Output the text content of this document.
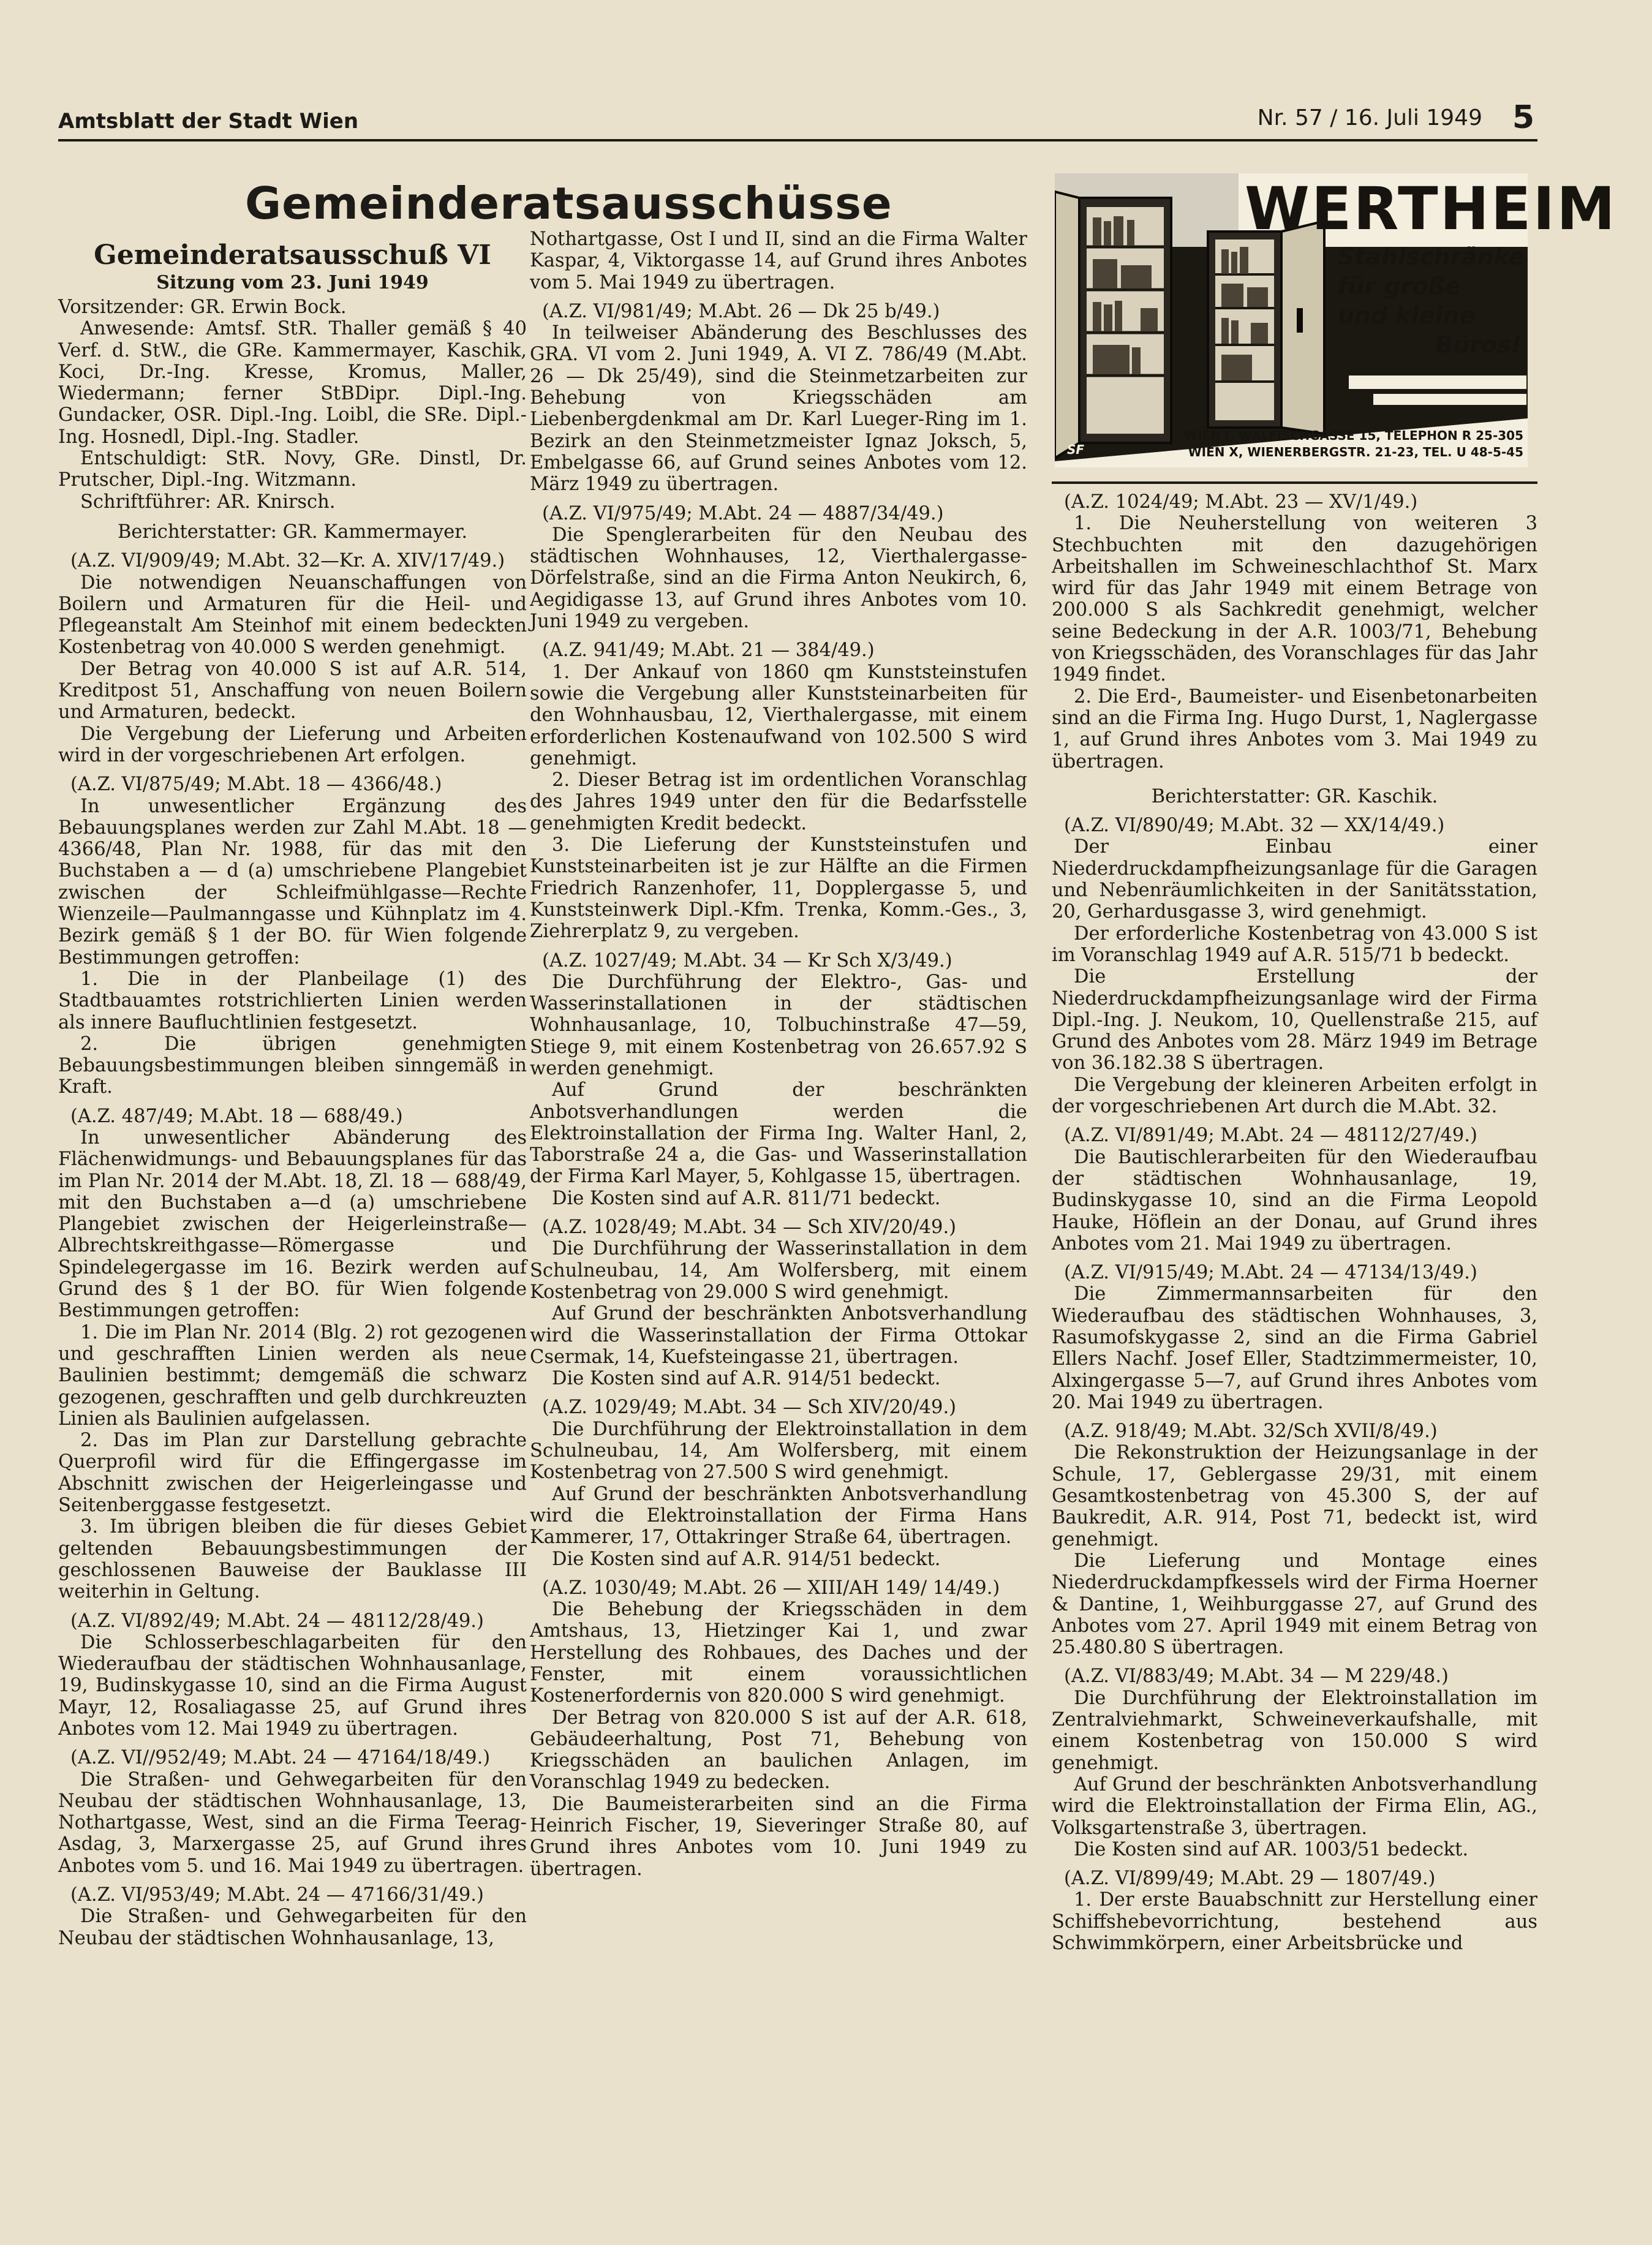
Amtsblatt der Stadt Wien	Nr. 57 / 16. Juli 1949 5
Gemeinderatsausschüsse
SF
WERTHEIM
Stahlschränke
für große
und kleine
Büros!
WIEN I, WALFISCHGASSE 15, TELEPHON R 25-305
WIEN X, WIENERBERGSTR. 21-23, TEL. U 48-5-45
Gemeinderatsausschuß VI
Sitzung vom 23. Juni 1949

Vorsitzender: GR. Erwin Bock.

Anwesende: Amtsf. StR. Thaller gemäß § 40 Verf. d. StW., die GRe. Kammermayer, Kaschik, Koci, Dr.-Ing. Kresse, Kromus, Maller, Wiedermann; ferner StBDipr. Dipl.-Ing. Gundacker, OSR. Dipl.-Ing. Loibl, die SRe. Dipl.-Ing. Hosnedl, Dipl.-Ing. Stadler.

Entschuldigt: StR. Novy, GRe. Dinstl, Dr. Prutscher, Dipl.-Ing. Witzmann.

Schriftführer: AR. Knirsch.

Berichterstatter: GR. Kammermayer.

(A.Z. VI/909/49; M.Abt. 32—Kr. A. XIV/17/49.)

Die notwendigen Neuanschaffungen von Boilern und Armaturen für die Heil- und Pflegeanstalt Am Steinhof mit einem bedeckten Kostenbetrag von 40.000 S werden genehmigt.

Der Betrag von 40.000 S ist auf A.R. 514, Kreditpost 51, Anschaffung von neuen Boilern und Armaturen, bedeckt.

Die Vergebung der Lieferung und Arbeiten wird in der vorgeschriebenen Art erfolgen.

(A.Z. VI/875/49; M.Abt. 18 — 4366/48.)

In unwesentlicher Ergänzung des Bebauungsplanes werden zur Zahl M.Abt. 18 — 4366/48, Plan Nr. 1988, für das mit den Buchstaben a — d (a) umschriebene Plangebiet zwischen der Schleifmühlgasse—Rechte Wienzeile—Paulmanngasse und Kühnplatz im 4. Bezirk gemäß § 1 der BO. für Wien folgende Bestimmungen getroffen:

1. Die in der Planbeilage (1) des Stadtbauamtes rotstrichlierten Linien werden als innere Baufluchtlinien festgesetzt.

2. Die übrigen genehmigten Bebauungsbestimmungen bleiben sinngemäß in Kraft.

(A.Z. 487/49; M.Abt. 18 — 688/49.)

In unwesentlicher Abänderung des Flächenwidmungs- und Bebauungsplanes für das im Plan Nr. 2014 der M.Abt. 18, Zl. 18 — 688/49, mit den Buchstaben a—d (a) umschriebene Plangebiet zwischen der Heigerleinstraße—Albrechtskreithgasse—Römergasse und Spindelegergasse im 16. Bezirk werden auf Grund des § 1 der BO. für Wien folgende Bestimmungen getroffen:

1. Die im Plan Nr. 2014 (Blg. 2) rot gezogenen und geschrafften Linien werden als neue Baulinien bestimmt; demgemäß die schwarz gezogenen, geschrafften und gelb durchkreuzten Linien als Baulinien aufgelassen.

2. Das im Plan zur Darstellung gebrachte Querprofil wird für die Effingergasse im Abschnitt zwischen der Heigerleingasse und Seitenberggasse festgesetzt.

3. Im übrigen bleiben die für dieses Gebiet geltenden Bebauungsbestimmungen der geschlossenen Bauweise der Bauklasse III weiterhin in Geltung.

(A.Z. VI/892/49; M.Abt. 24 — 48112/28/49.)

Die Schlosserbeschlagarbeiten für den Wiederaufbau der städtischen Wohnhausanlage, 19, Budinskygasse 10, sind an die Firma August Mayr, 12, Rosaliagasse 25, auf Grund ihres Anbotes vom 12. Mai 1949 zu übertragen.

(A.Z. VI//952/49; M.Abt. 24 — 47164/18/49.)

Die Straßen- und Gehwegarbeiten für den Neubau der städtischen Wohnhausanlage, 13, Nothartgasse, West, sind an die Firma Teerag-Asdag, 3, Marxergasse 25, auf Grund ihres Anbotes vom 5. und 16. Mai 1949 zu übertragen.

(A.Z. VI/953/49; M.Abt. 24 — 47166/31/49.)

Die Straßen- und Gehwegarbeiten für den Neubau der städtischen Wohnhausanlage, 13,

Nothartgasse, Ost I und II, sind an die Firma Walter Kaspar, 4, Viktorgasse 14, auf Grund ihres Anbotes vom 5. Mai 1949 zu übertragen.

(A.Z. VI/981/49; M.Abt. 26 — Dk 25 b/49.)

In teilweiser Abänderung des Beschlusses des GRA. VI vom 2. Juni 1949, A. VI Z. 786/49 (M.Abt. 26 — Dk 25/49), sind die Steinmetzarbeiten zur Behebung von Kriegsschäden am Liebenbergdenkmal am Dr. Karl Lueger-Ring im 1. Bezirk an den Steinmetzmeister Ignaz Joksch, 5, Embelgasse 66, auf Grund seines Anbotes vom 12. März 1949 zu übertragen.

(A.Z. VI/975/49; M.Abt. 24 — 4887/34/49.)

Die Spenglerarbeiten für den Neubau des städtischen Wohnhauses, 12, Vierthalergasse-Dörfelstraße, sind an die Firma Anton Neukirch, 6, Aegidigasse 13, auf Grund ihres Anbotes vom 10. Juni 1949 zu vergeben.

(A.Z. 941/49; M.Abt. 21 — 384/49.)

1. Der Ankauf von 1860 qm Kunststeinstufen sowie die Vergebung aller Kunststeinarbeiten für den Wohnhausbau, 12, Vierthalergasse, mit einem erforderlichen Kostenaufwand von 102.500 S wird genehmigt.

2. Dieser Betrag ist im ordentlichen Voranschlag des Jahres 1949 unter den für die Bedarfsstelle genehmigten Kredit bedeckt.

3. Die Lieferung der Kunststeinstufen und Kunststeinarbeiten ist je zur Hälfte an die Firmen Friedrich Ranzenhofer, 11, Dopplergasse 5, und Kunststeinwerk Dipl.-Kfm. Trenka, Komm.-Ges., 3, Ziehrerplatz 9, zu vergeben.

(A.Z. 1027/49; M.Abt. 34 — Kr Sch X/3/49.)

Die Durchführung der Elektro-, Gas- und Wasserinstallationen in der städtischen Wohnhausanlage, 10, Tolbuchinstraße 47—59, Stiege 9, mit einem Kostenbetrag von 26.657.92 S werden genehmigt.

Auf Grund der beschränkten Anbotsverhandlungen werden die Elektroinstallation der Firma Ing. Walter Hanl, 2, Taborstraße 24 a, die Gas- und Wasserinstallation der Firma Karl Mayer, 5, Kohlgasse 15, übertragen.

Die Kosten sind auf A.R. 811/71 bedeckt.

(A.Z. 1028/49; M.Abt. 34 — Sch XIV/20/49.)

Die Durchführung der Wasserinstallation in dem Schulneubau, 14, Am Wolfersberg, mit einem Kostenbetrag von 29.000 S wird genehmigt.

Auf Grund der beschränkten Anbotsverhandlung wird die Wasserinstallation der Firma Ottokar Csermak, 14, Kuefsteingasse 21, übertragen.

Die Kosten sind auf A.R. 914/51 bedeckt.

(A.Z. 1029/49; M.Abt. 34 — Sch XIV/20/49.)

Die Durchführung der Elektroinstallation in dem Schulneubau, 14, Am Wolfersberg, mit einem Kostenbetrag von 27.500 S wird genehmigt.

Auf Grund der beschränkten Anbotsverhandlung wird die Elektroinstallation der Firma Hans Kammerer, 17, Ottakringer Straße 64, übertragen.

Die Kosten sind auf A.R. 914/51 bedeckt.

(A.Z. 1030/49; M.Abt. 26 — XIII/AH 149/ 14/49.)

Die Behebung der Kriegsschäden in dem Amtshaus, 13, Hietzinger Kai 1, und zwar Herstellung des Rohbaues, des Daches und der Fenster, mit einem voraussichtlichen Kostenerfordernis von 820.000 S wird genehmigt.

Der Betrag von 820.000 S ist auf der A.R. 618, Gebäudeerhaltung, Post 71, Behebung von Kriegsschäden an baulichen Anlagen, im Voranschlag 1949 zu bedecken.

Die Baumeisterarbeiten sind an die Firma Heinrich Fischer, 19, Sieveringer Straße 80, auf Grund ihres Anbotes vom 10. Juni 1949 zu übertragen.

(A.Z. 1024/49; M.Abt. 23 — XV/1/49.)

1. Die Neuherstellung von weiteren 3 Stechbuchten mit den dazugehörigen Arbeitshallen im Schweineschlachthof St. Marx wird für das Jahr 1949 mit einem Betrage von 200.000 S als Sachkredit genehmigt, welcher seine Bedeckung in der A.R. 1003/71, Behebung von Kriegsschäden, des Voranschlages für das Jahr 1949 findet.

2. Die Erd-, Baumeister- und Eisenbetonarbeiten sind an die Firma Ing. Hugo Durst, 1, Naglergasse 1, auf Grund ihres Anbotes vom 3. Mai 1949 zu übertragen.

Berichterstatter: GR. Kaschik.

(A.Z. VI/890/49; M.Abt. 32 — XX/14/49.)

Der Einbau einer Niederdruckdampfheizungsanlage für die Garagen und Nebenräumlichkeiten in der Sanitätsstation, 20, Gerhardusgasse 3, wird genehmigt.

Der erforderliche Kostenbetrag von 43.000 S ist im Voranschlag 1949 auf A.R. 515/71 b bedeckt.

Die Erstellung der Niederdruckdampfheizungsanlage wird der Firma Dipl.-Ing. J. Neukom, 10, Quellenstraße 215, auf Grund des Anbotes vom 28. März 1949 im Betrage von 36.182.38 S übertragen.

Die Vergebung der kleineren Arbeiten erfolgt in der vorgeschriebenen Art durch die M.Abt. 32.

(A.Z. VI/891/49; M.Abt. 24 — 48112/27/49.)

Die Bautischlerarbeiten für den Wiederaufbau der städtischen Wohnhausanlage, 19, Budinskygasse 10, sind an die Firma Leopold Hauke, Höflein an der Donau, auf Grund ihres Anbotes vom 21. Mai 1949 zu übertragen.

(A.Z. VI/915/49; M.Abt. 24 — 47134/13/49.)

Die Zimmermannsarbeiten für den Wiederaufbau des städtischen Wohnhauses, 3, Rasumofskygasse 2, sind an die Firma Gabriel Ellers Nachf. Josef Eller, Stadtzimmermeister, 10, Alxingergasse 5—7, auf Grund ihres Anbotes vom 20. Mai 1949 zu übertragen.

(A.Z. 918/49; M.Abt. 32/Sch XVII/8/49.)

Die Rekonstruktion der Heizungsanlage in der Schule, 17, Geblergasse 29/31, mit einem Gesamtkostenbetrag von 45.300 S, der auf Baukredit, A.R. 914, Post 71, bedeckt ist, wird genehmigt.

Die Lieferung und Montage eines Niederdruckdampfkessels wird der Firma Hoerner & Dantine, 1, Weihburggasse 27, auf Grund des Anbotes vom 27. April 1949 mit einem Betrag von 25.480.80 S übertragen.

(A.Z. VI/883/49; M.Abt. 34 — M 229/48.)

Die Durchführung der Elektroinstallation im Zentralviehmarkt, Schweineverkaufshalle, mit einem Kostenbetrag von 150.000 S wird genehmigt.

Auf Grund der beschränkten Anbotsverhandlung wird die Elektroinstallation der Firma Elin, AG., Volksgartenstraße 3, übertragen.

Die Kosten sind auf AR. 1003/51 bedeckt.

(A.Z. VI/899/49; M.Abt. 29 — 1807/49.)

1. Der erste Bauabschnitt zur Herstellung einer Schiffshebevorrichtung, bestehend aus Schwimmkörpern, einer Arbeitsbrücke und
